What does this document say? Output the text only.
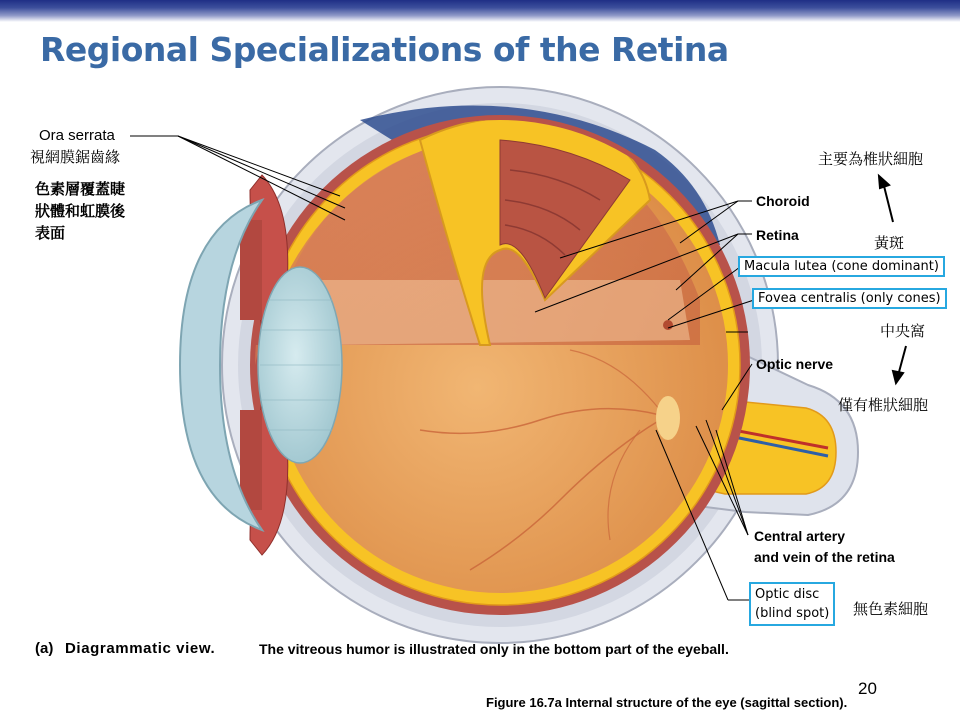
Regional Specializations of the Retina
Ora serrata
視網膜鋸齒緣
色素層覆蓋睫
狀體和虹膜後
表面
Choroid
Retina
主要為椎狀細胞
黃斑
Macula lutea (cone dominant)
Fovea centralis (only cones)
中央窩
Optic nerve
僅有椎狀細胞
Central artery
and vein of the retina
Optic disc
(blind spot) 無色素細胞
(a) Diagrammatic view.	The vitreous humor is illustrated only in the bottom part of the eyeball.
20
Figure 16.7a Internal structure of the eye (sagittal section).
